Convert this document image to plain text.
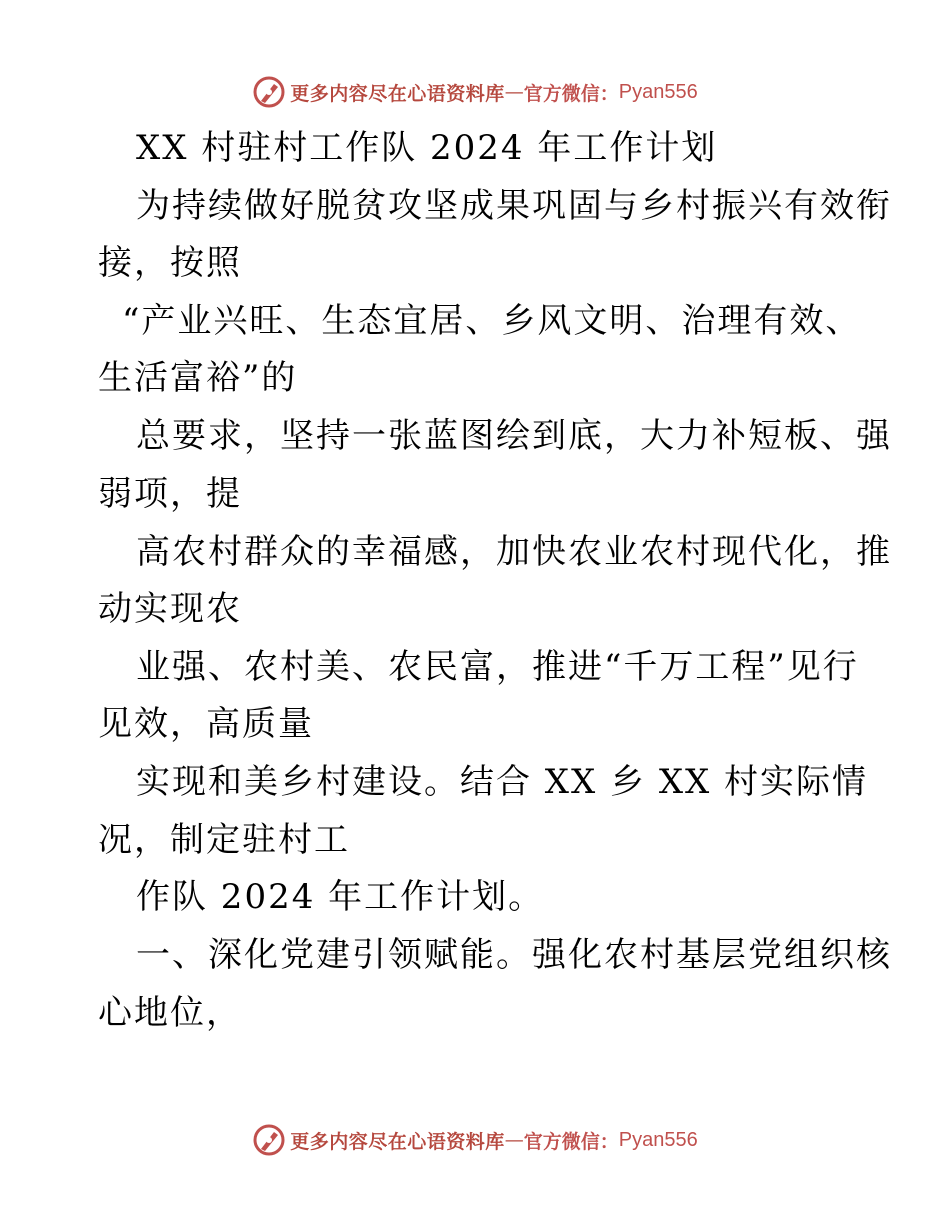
更多内容尽在心语资料库 — 官方微信： Pyan556
XX 村驻村工作队 2024 年工作计划
为持续做好脱贫攻坚成果巩固与乡村振兴有效衔
接，按照
“产业兴旺、生态宜居、乡风文明、治理有效、
生活富裕”的
总要求，坚持一张蓝图绘到底，大力补短板、强
弱项，提
高农村群众的幸福感，加快农业农村现代化，推
动实现农
业强、农村美、农民富，推进“千万工程”见行
见效，高质量
实现和美乡村建设。结合 XX 乡 XX 村实际情
况，制定驻村工
作队 2024 年工作计划。
一、深化党建引领赋能。强化农村基层党组织核
心地位，
更多内容尽在心语资料库 — 官方微信： Pyan556
